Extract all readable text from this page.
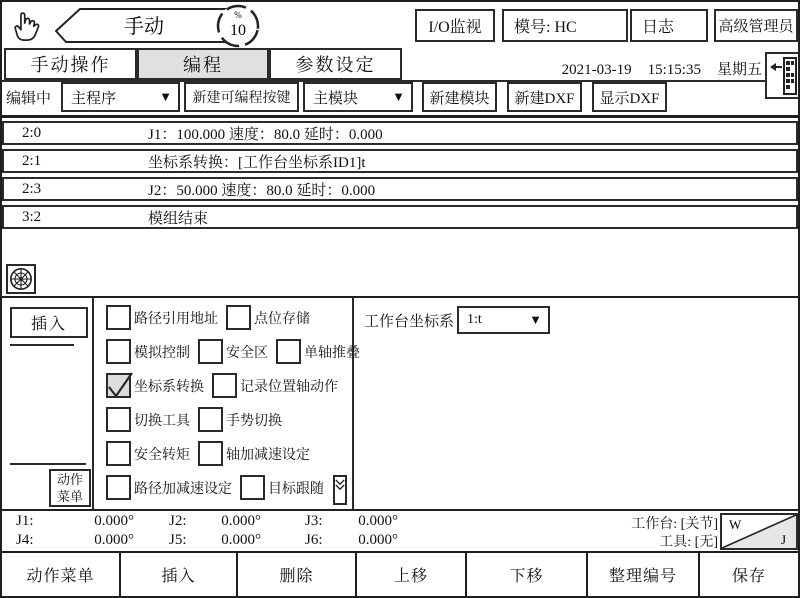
手动
%
10	I/O监视	模号: HC	日志	高级管理员
手动操作	编程	参数设定	2021-03-19 15:15:35 星期五
编辑中 主程序	▼	新建可编程按键	主模块	▼	新建模块	新建DXF	显示DXF
2:0	J1：100.000 速度：80.0 延时：0.000
2:1	坐标系转换：[工作台坐标系ID1]t
2:3	J2：50.000 速度：80.0 延时：0.000
3:2	模组结束
插入
动作
菜单
路径引用地址	点位存储
模拟控制	安全区	单轴推叠
坐标系转换	记录位置轴动作
切换工具	手势切换
安全转矩	轴加减速设定
路径加减速设定	目标跟随
工作台坐标系 1:t	▼
J1:	0.000° J2:	0.000°	J3:	0.000°
J4:	0.000° J5:	0.000°	J6:	0.000°
工作台: [关节]
工具: [无]
W
J
动作菜单	插入	删除	上移	下移	整理编号	保存
